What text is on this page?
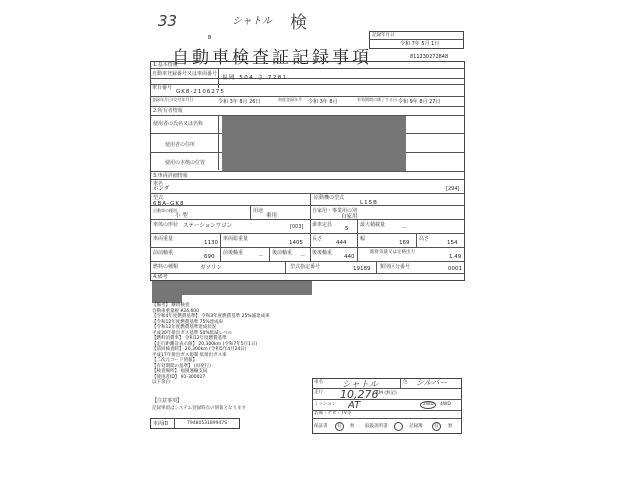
33	シャトル 検
B
自動車検査証記録事項
記録年月日
令和 7年 5月 1日
811230272848
1.基本情報
自動車登録番号又は車両番号
福岡 504 さ 7281
車台番号
GK8-2106275
登録年月日/交付年月日	令和 3年 8月 26日	初度登録年月 令和 3年 8月	有効期間の満了する日 令和 9年 8月 27日
2.所有者情報
使用者の氏名又は名称
使用者の住所
使用の本拠の位置
3.車両詳細情報
車名
ホンダ	[294]
型式
6BA-GK8
原動機の型式
L15B
自動車の種別
小 型
用途
乗用
自家用・事業用の別
自家用
車体の形状 ステーションワゴン	[003] 乗車定員
5
最大積載量
－
車両重量
1130
車両総重量
1405
長さ
444
幅
169
高さ
154
前前軸重
690
前後軸重
－
後前軸重
－
後後軸重
440
総排気量又は定格出力
1.49
燃料の種類	ガソリン	型式指定番号	19189 類別区分番号	0001
4.備考
【備考】 継続検査
自動車重量税 ¥24,600
【令和4年度燃費基準】 令和3年度燃費基準 25%減達成車
【令和12年度燃費基準 75%達成車
【令和12年度燃費基準達成状況
平成30年排出ガス基準 50%低減レベル
【燃料消費率】 令和12年度燃費基準
【走行距離計表示値】 20,300km (令和7年5月1日)
【前回検査時】 20,300km (令和5年4月24日)
平成17年排出ガス規制 低排出ガス車
【二次元コード情報】
【有効期間の基準】 (再発行)
【検査場所】 福岡運輸支局
【使用者ID】 91-300027
以下余白
【注意事項】
記録事項はシステム登録時点の情報となります
車両ID	7948053189947S
車名 シャトル	色 シルバー
走行 10,276
KM (無記)
ミッション AT	2WD 4WD
装備・ナビ・TV等
保証書 有 無 取扱説明書	記録簿	有 無
